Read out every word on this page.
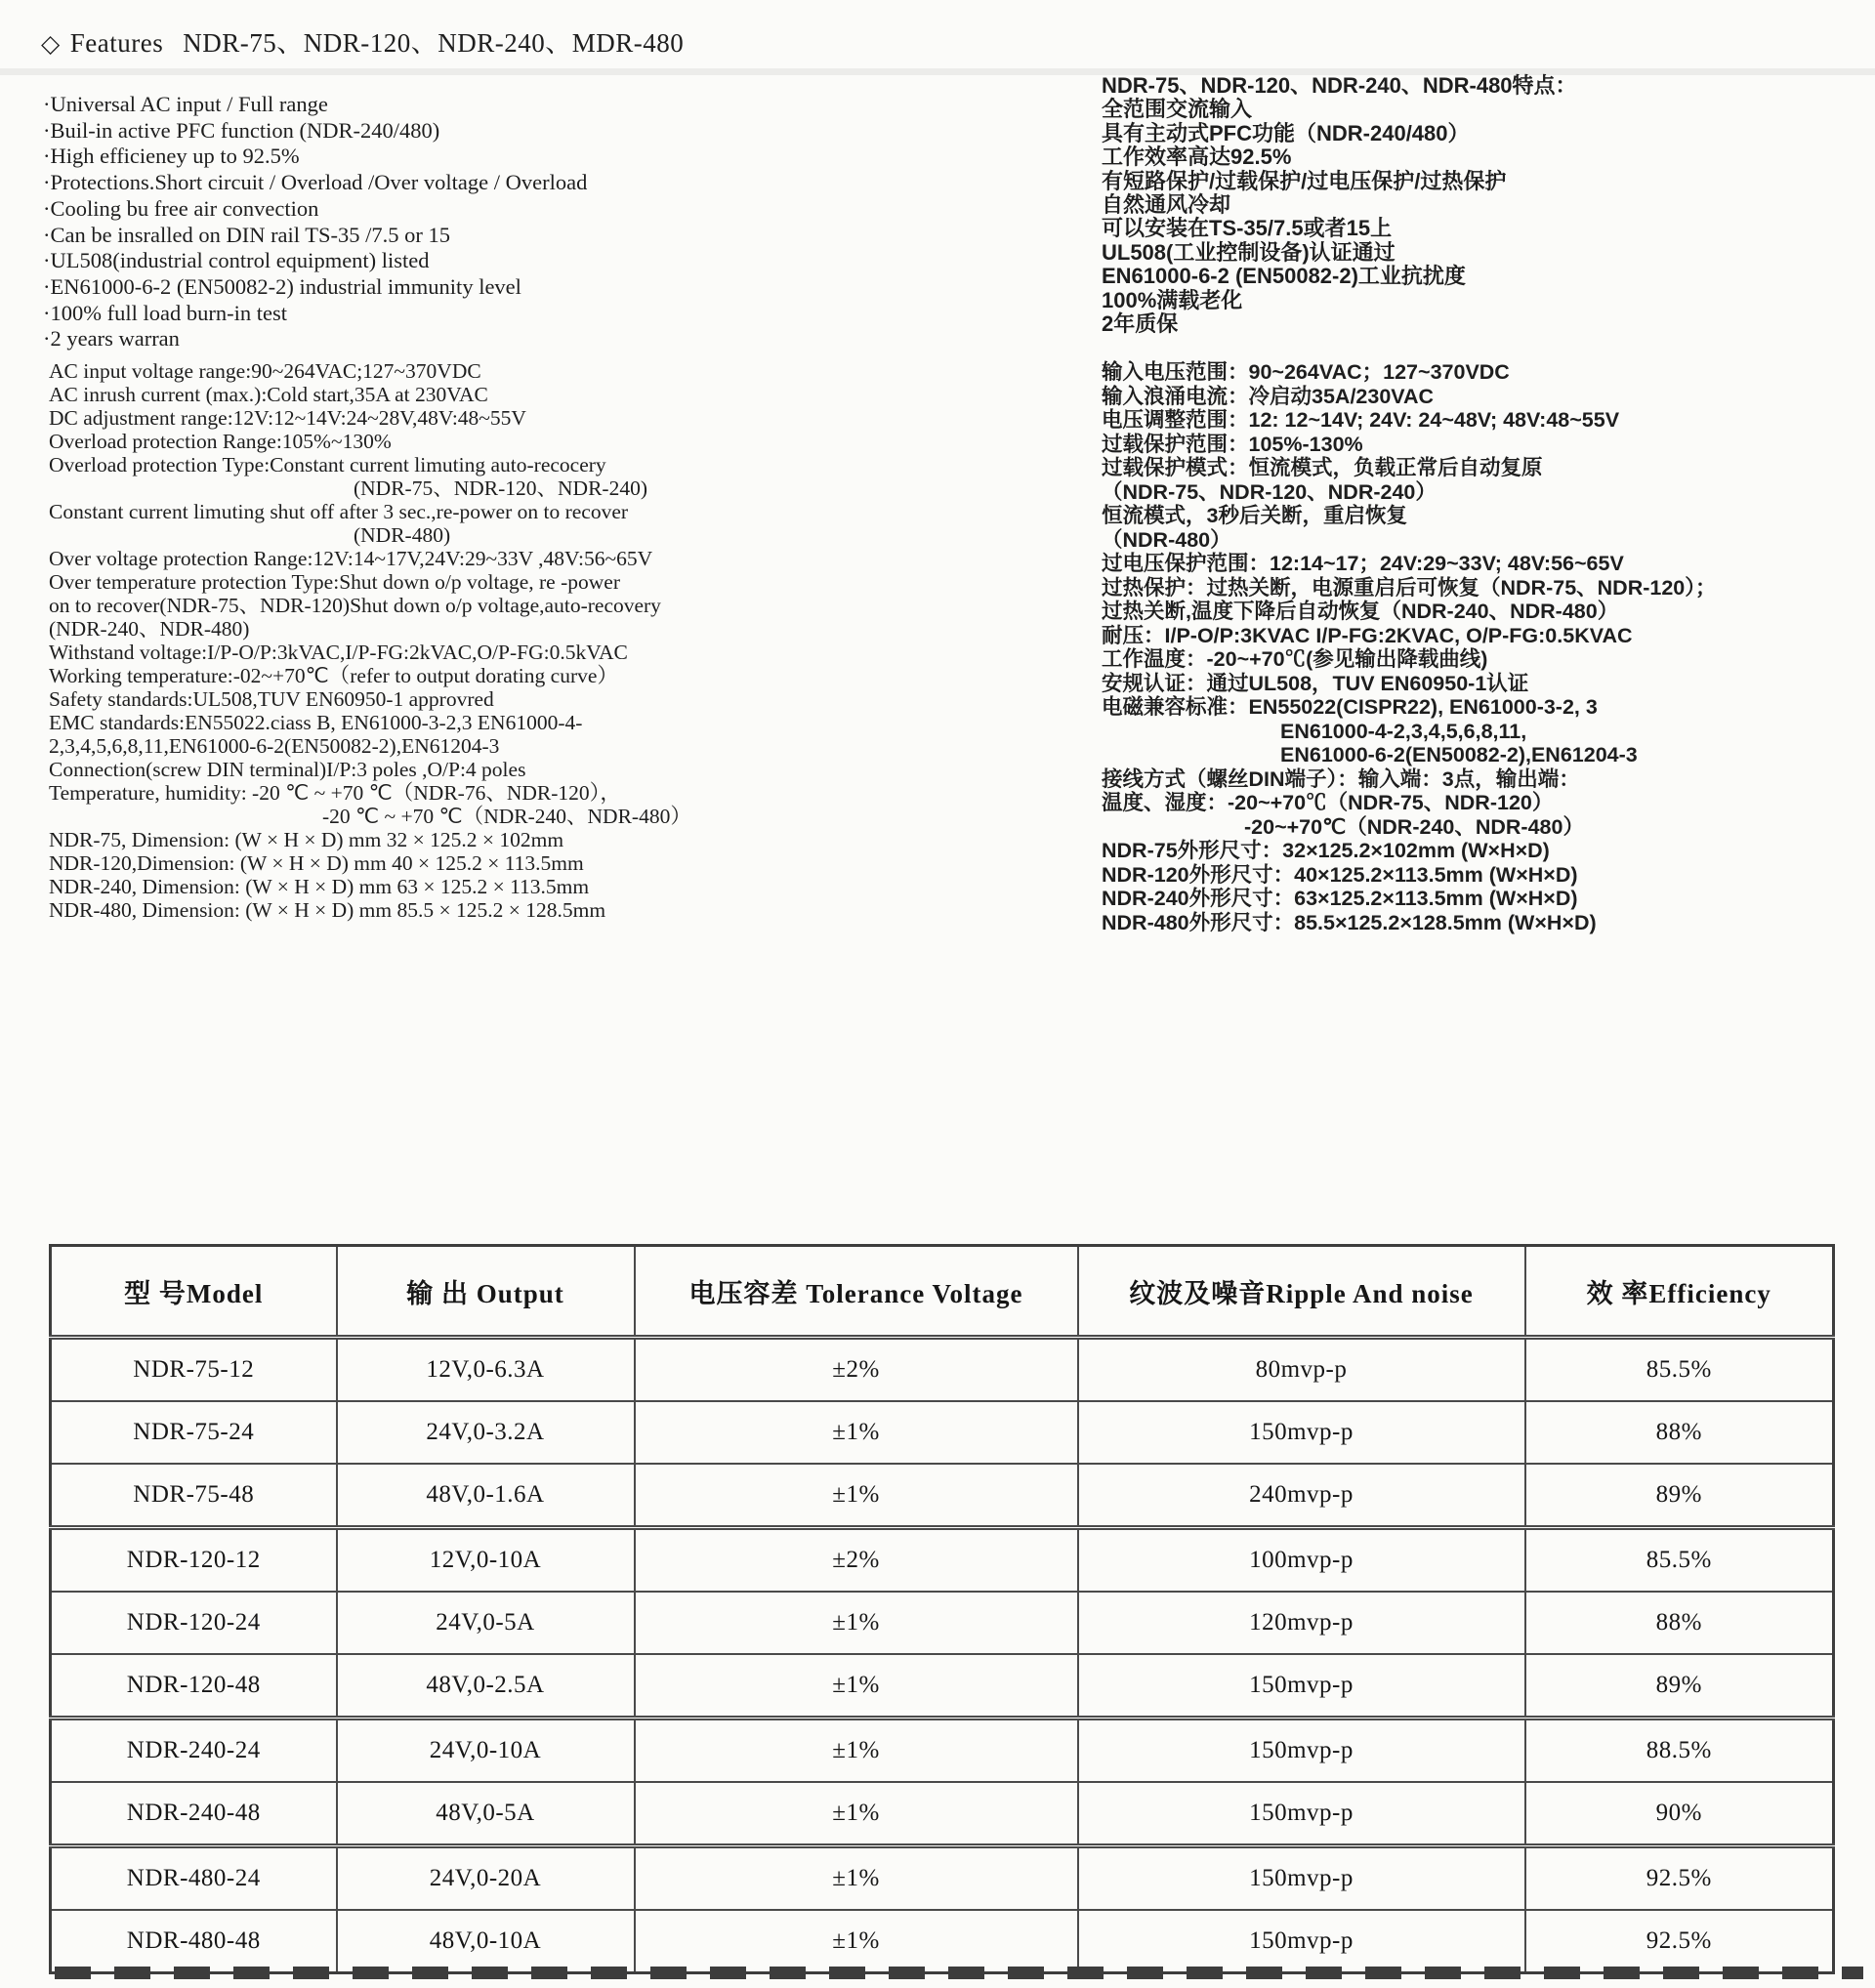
◇ Features NDR-75、NDR-120、NDR-240、MDR-480
·Universal AC input / Full range
·Buil-in active PFC function (NDR-240/480)
·High efficieney up to 92.5%
·Protections.Short circuit / Overload /Over voltage / Overload
·Cooling bu free air convection
·Can be insralled on DIN rail TS-35 /7.5 or 15
·UL508(industrial control equipment) listed
·EN61000-6-2 (EN50082-2) industrial immunity level
·100% full load burn-in test
·2 years warran
NDR-75、NDR-120、NDR-240、NDR-480特点：
全范围交流输入
具有主动式PFC功能（NDR-240/480）
工作效率高达92.5%
有短路保护/过载保护/过电压保护/过热保护
自然通风冷却
可以安装在TS-35/7.5或者15上
UL508(工业控制设备)认证通过
EN61000-6-2 (EN50082-2)工业抗扰度
100%满载老化
2年质保
AC input voltage range:90~264VAC;127~370VDC
AC inrush current (max.):Cold start,35A at 230VAC
DC adjustment range:12V:12~14V:24~28V,48V:48~55V
Overload protection Range:105%~130%
Overload protection Type:Constant current limuting auto-recocery
(NDR-75、NDR-120、NDR-240)
Constant current limuting shut off after 3 sec.,re-power on to recover
(NDR-480)
Over voltage protection Range:12V:14~17V,24V:29~33V ,48V:56~65V
Over temperature protection Type:Shut down o/p voltage, re -power
on to recover(NDR-75、NDR-120)Shut down o/p voltage,auto-recovery
(NDR-240、NDR-480)
Withstand voltage:I/P-O/P:3kVAC,I/P-FG:2kVAC,O/P-FG:0.5kVAC
Working temperature:-02~+70℃（refer to output dorating curve）
Safety standards:UL508,TUV EN60950-1 approvred
EMC standards:EN55022.ciass B, EN61000-3-2,3 EN61000-4-
2,3,4,5,6,8,11,EN61000-6-2(EN50082-2),EN61204-3
Connection(screw DIN terminal)I/P:3 poles ,O/P:4 poles
Temperature, humidity: -20 ℃ ~ +70 ℃（NDR-76、NDR-120），
-20 ℃ ~ +70 ℃（NDR-240、NDR-480）
NDR-75, Dimension: (W × H × D) mm 32 × 125.2 × 102mm
NDR-120,Dimension: (W × H × D) mm 40 × 125.2 × 113.5mm
NDR-240, Dimension: (W × H × D) mm 63 × 125.2 × 113.5mm
NDR-480, Dimension: (W × H × D) mm 85.5 × 125.2 × 128.5mm
输入电压范围：90~264VAC；127~370VDC
输入浪涌电流：冷启动35A/230VAC
电压调整范围：12: 12~14V; 24V: 24~48V; 48V:48~55V
过载保护范围：105%-130%
过载保护模式：恒流模式，负载正常后自动复原
（NDR-75、NDR-120、NDR-240）
恒流模式，3秒后关断，重启恢复
（NDR-480）
过电压保护范围：12:14~17；24V:29~33V; 48V:56~65V
过热保护：过热关断，电源重启后可恢复（NDR-75、NDR-120）；
过热关断,温度下降后自动恢复（NDR-240、NDR-480）
耐压：I/P-O/P:3KVAC I/P-FG:2KVAC, O/P-FG:0.5KVAC
工作温度：-20~+70℃(参见输出降载曲线)
安规认证：通过UL508，TUV EN60950-1认证
电磁兼容标准：EN55022(CISPR22), EN61000-3-2, 3
EN61000-4-2,3,4,5,6,8,11,
EN61000-6-2(EN50082-2),EN61204-3
接线方式（螺丝DIN端子）：输入端：3点，输出端：
温度、湿度：-20~+70℃（NDR-75、NDR-120）
-20~+70℃（NDR-240、NDR-480）
NDR-75外形尺寸：32×125.2×102mm (W×H×D)
NDR-120外形尺寸：40×125.2×113.5mm (W×H×D)
NDR-240外形尺寸：63×125.2×113.5mm (W×H×D)
NDR-480外形尺寸：85.5×125.2×128.5mm (W×H×D)
型 号Model	输 出 Output	电压容差 Tolerance Voltage	纹波及噪音Ripple And noise	效 率Efficiency
NDR-75-12	12V,0-6.3A	±2%	80mvp-p	85.5%
NDR-75-24	24V,0-3.2A	±1%	150mvp-p	88%
NDR-75-48	48V,0-1.6A	±1%	240mvp-p	89%
NDR-120-12	12V,0-10A	±2%	100mvp-p	85.5%
NDR-120-24	24V,0-5A	±1%	120mvp-p	88%
NDR-120-48	48V,0-2.5A	±1%	150mvp-p	89%
NDR-240-24	24V,0-10A	±1%	150mvp-p	88.5%
NDR-240-48	48V,0-5A	±1%	150mvp-p	90%
NDR-480-24	24V,0-20A	±1%	150mvp-p	92.5%
NDR-480-48	48V,0-10A	±1%	150mvp-p	92.5%
